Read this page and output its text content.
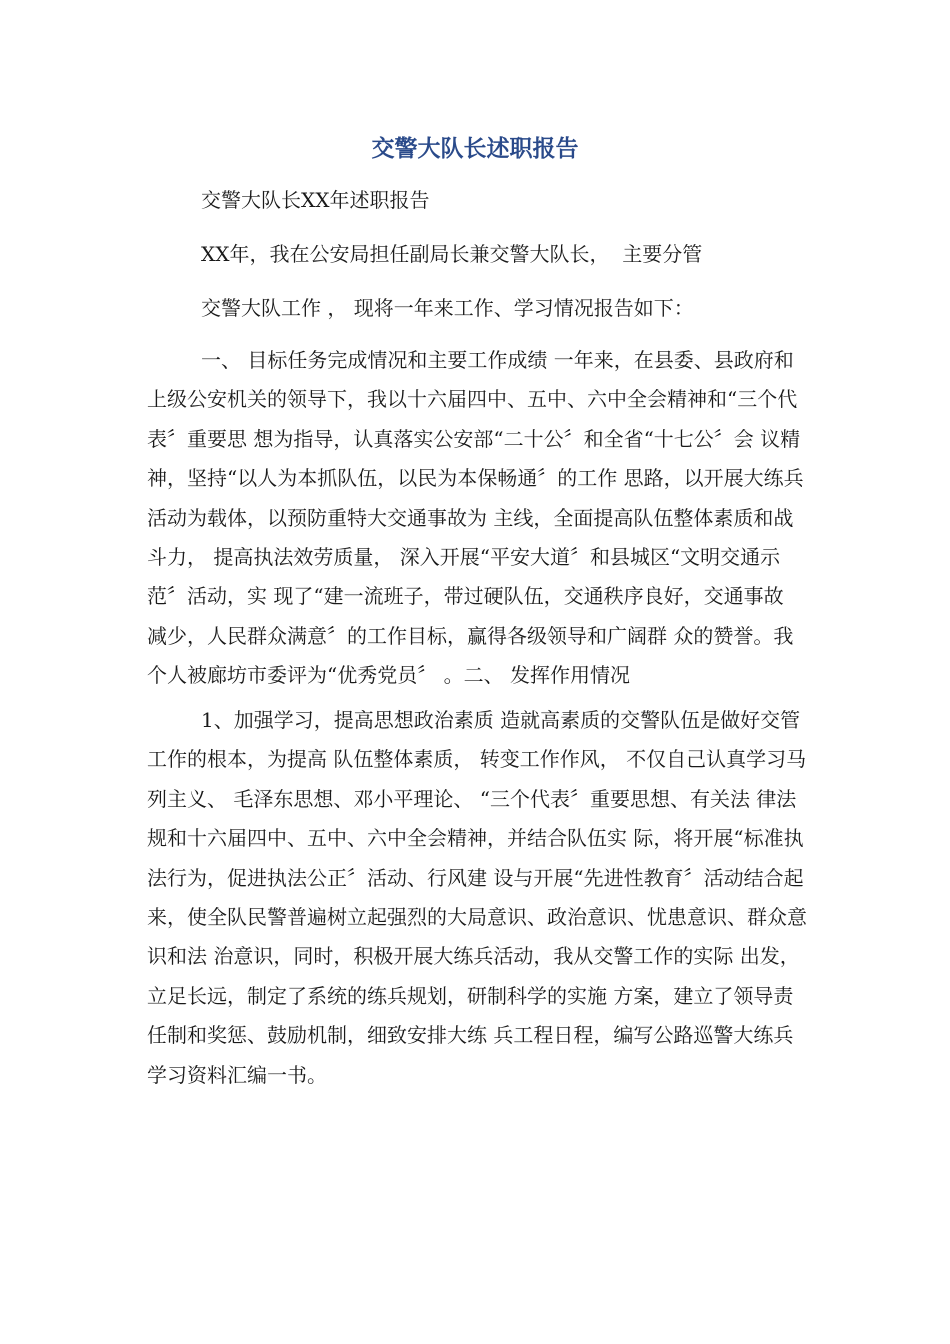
交警大队长述职报告
交警大队长XX年述职报告
XX年，我在公安局担任副局长兼交警大队长，  主要分管
交警大队工作 ， 现将一年来工作、学习情况报告如下：
一、 目标任务完成情况和主要工作成绩 一年来，在县委、县政府和上级公安机关的领导下，我以十六届四中、五中、六中全会精神和“三个代表〞重要思 想为指导，认真落实公安部“二十公〞和全省“十七公〞会 议精神，坚持“以人为本抓队伍，以民为本保畅通〞的工作 思路，以开展大练兵活动为载体，以预防重特大交通事故为 主线，全面提高队伍整体素质和战斗力， 提高执法效劳质量， 深入开展“平安大道〞和县城区“文明交通示范〞活动，实 现了“建一流班子，带过硬队伍，交通秩序良好，交通事故 减少，人民群众满意〞的工作目标，赢得各级领导和广阔群 众的赞誉。我个人被廊坊市委评为“优秀党员〞 。二、 发挥作用情况
1、加强学习，提高思想政治素质 造就高素质的交警队伍是做好交管工作的根本，为提高 队伍整体素质， 转变工作作风， 不仅自己认真学习马列主义、 毛泽东思想、邓小平理论、 “三个代表〞重要思想、有关法 律法规和十六届四中、五中、六中全会精神，并结合队伍实 际，将开展“标准执法行为，促进执法公正〞活动、行风建 设与开展“先进性教育〞活动结合起来，使全队民警普遍树立起强烈的大局意识、政治意识、忧患意识、群众意识和法 治意识，同时，积极开展大练兵活动，我从交警工作的实际 出发，立足长远，制定了系统的练兵规划，研制科学的实施 方案，建立了领导责任制和奖惩、鼓励机制，细致安排大练 兵工程日程，编写公路巡警大练兵学习资料汇编一书。
